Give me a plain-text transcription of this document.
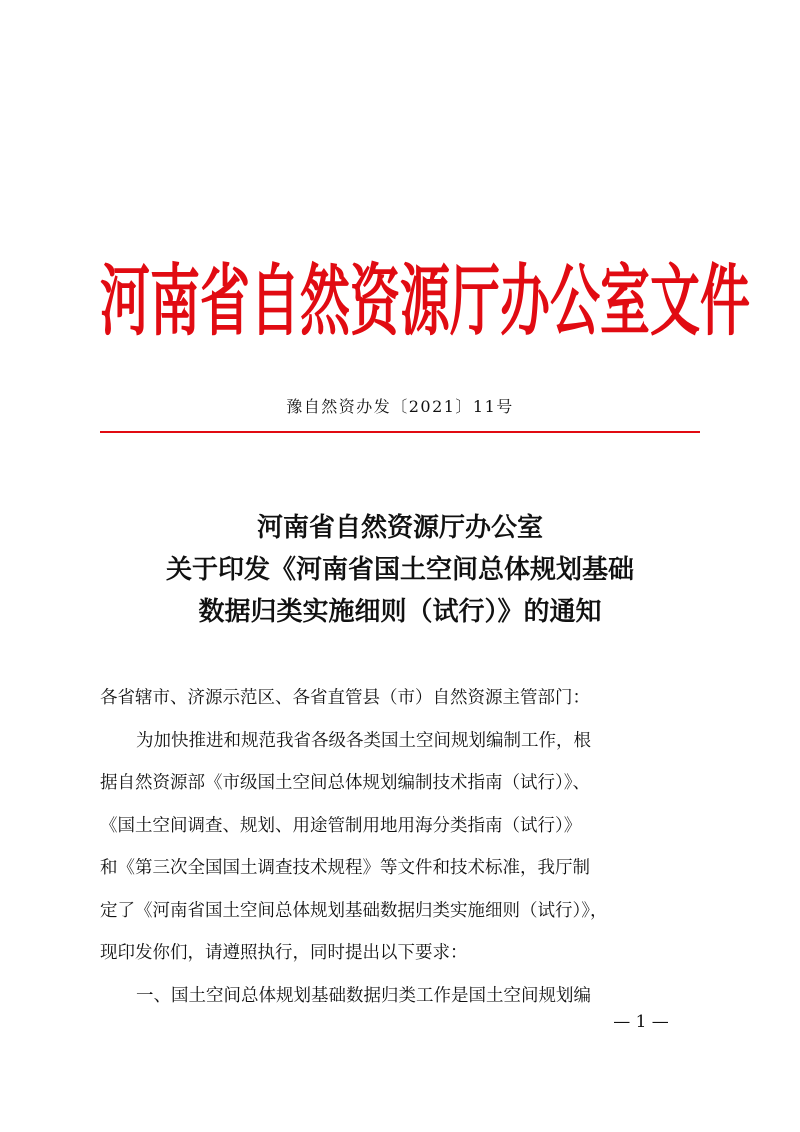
河南省自然资源厅办公室文件
豫自然资办发〔2021〕11号
河南省自然资源厅办公室
关于印发《河南省国土空间总体规划基础
数据归类实施细则（试行）》的通知
各省辖市、济源示范区、各省直管县（市）自然资源主管部门：
为加快推进和规范我省各级各类国土空间规划编制工作，根
据自然资源部《市级国土空间总体规划编制技术指南（试行）》、
《国土空间调查、规划、用途管制用地用海分类指南（试行）》
和《第三次全国国土调查技术规程》等文件和技术标准，我厅制
定了《河南省国土空间总体规划基础数据归类实施细则（试行）》，
现印发你们，请遵照执行，同时提出以下要求：
一、国土空间总体规划基础数据归类工作是国土空间规划编
— 1 —
